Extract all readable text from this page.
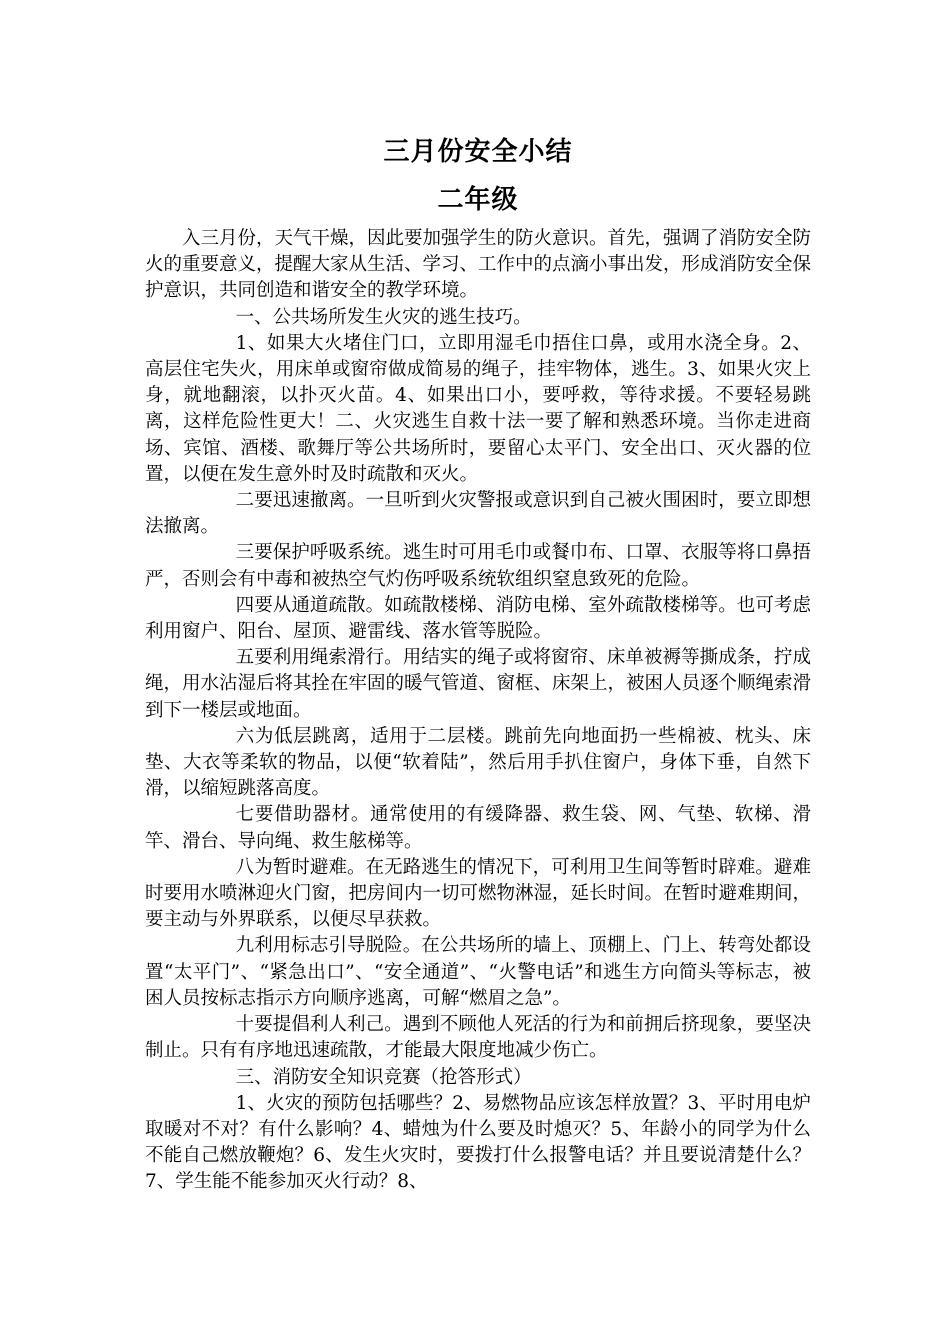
三月份安全小结
二年级

入三月份，天气干燥，因此要加强学生的防火意识。首先，强调了消防安全防火的重要意义，提醒大家从生活、学习、工作中的点滴小事出发，形成消防安全保护意识，共同创造和谐安全的教学环境。

一、公共场所发生火灾的逃生技巧。

1、如果大火堵住门口，立即用湿毛巾捂住口鼻，或用水浇全身。2、高层住宅失火，用床单或窗帘做成简易的绳子，挂牢物体，逃生。3、如果火灾上身，就地翻滚，以扑灭火苗。4、如果出口小，要呼救，等待求援。不要轻易跳离，这样危险性更大！二、火灾逃生自救十法一要了解和熟悉环境。当你走进商场、宾馆、酒楼、歌舞厅等公共场所时，要留心太平门、安全出口、灭火器的位置，以便在发生意外时及时疏散和灭火。

二要迅速撤离。一旦听到火灾警报或意识到自己被火围困时，要立即想法撤离。

三要保护呼吸系统。逃生时可用毛巾或餐巾布、口罩、衣服等将口鼻捂严，否则会有中毒和被热空气灼伤呼吸系统软组织窒息致死的危险。

四要从通道疏散。如疏散楼梯、消防电梯、室外疏散楼梯等。也可考虑利用窗户、阳台、屋顶、避雷线、落水管等脱险。

五要利用绳索滑行。用结实的绳子或将窗帘、床单被褥等撕成条，拧成绳，用水沾湿后将其拴在牢固的暖气管道、窗框、床架上，被困人员逐个顺绳索滑到下一楼层或地面。

六为低层跳离，适用于二层楼。跳前先向地面扔一些棉被、枕头、床垫、大衣等柔软的物品，以便“软着陆”，然后用手扒住窗户，身体下垂，自然下滑，以缩短跳落高度。

七要借助器材。通常使用的有缓降器、救生袋、网、气垫、软梯、滑竿、滑台、导向绳、救生舷梯等。

八为暂时避难。在无路逃生的情况下，可利用卫生间等暂时辟难。避难时要用水喷淋迎火门窗，把房间内一切可燃物淋湿，延长时间。在暂时避难期间，要主动与外界联系，以便尽早获救。

九利用标志引导脱险。在公共场所的墙上、顶棚上、门上、转弯处都设置“太平门”、“紧急出口”、“安全通道”、“火警电话”和逃生方向简头等标志，被困人员按标志指示方向顺序逃离，可解“燃眉之急”。

十要提倡利人利己。遇到不顾他人死活的行为和前拥后挤现象，要坚决制止。只有有序地迅速疏散，才能最大限度地减少伤亡。

三、消防安全知识竞赛（抢答形式）

1、火灾的预防包括哪些？2、易燃物品应该怎样放置？3、平时用电炉取暖对不对？有什么影响？4、蜡烛为什么要及时熄灭？5、年龄小的同学为什么不能自己燃放鞭炮？6、发生火灾时，要拨打什么报警电话？并且要说清楚什么？7、学生能不能参加灭火行动？8、
